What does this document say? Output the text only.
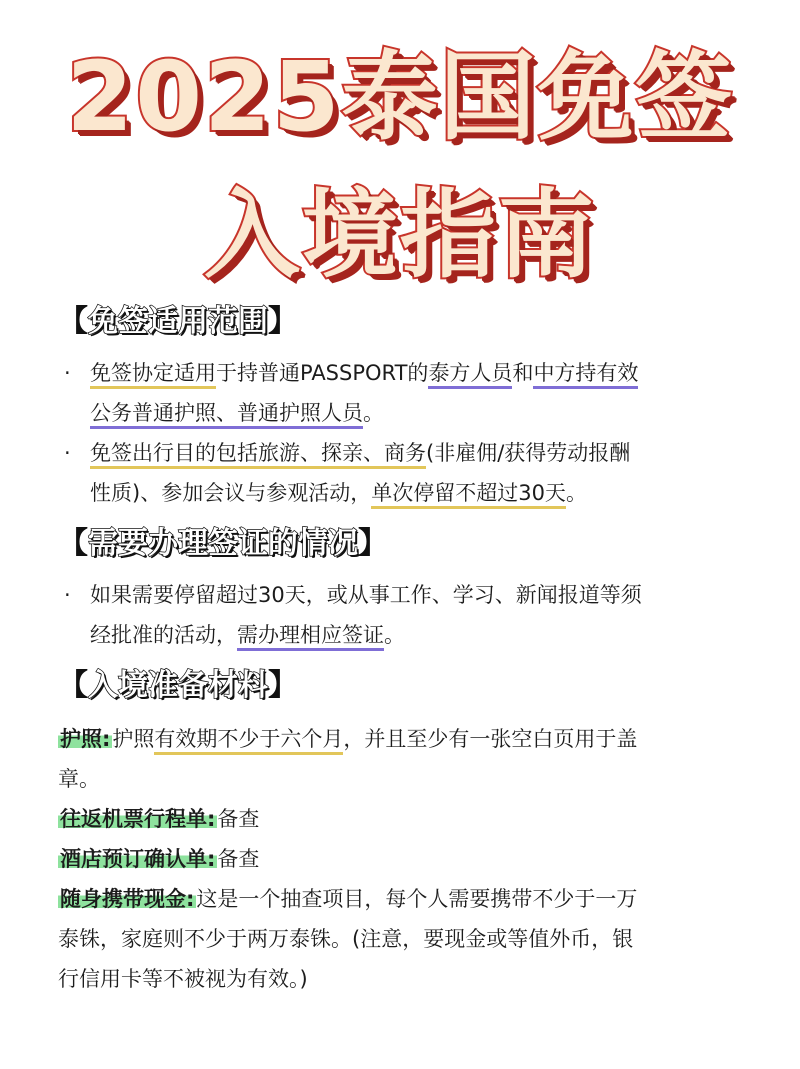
2025泰国免签
入境指南
【免签适用范围】
· 免签协定适用于持普通PASSPORT的泰方人员和中方持有效
公务普通护照、普通护照人员。
· 免签出行目的包括旅游、探亲、商务(非雇佣/获得劳动报酬
性质)、参加会议与参观活动，单次停留不超过30天。
【需要办理签证的情况】
· 如果需要停留超过30天，或从事工作、学习、新闻报道等须
经批准的活动，需办理相应签证。
【入境准备材料】
护照:护照有效期不少于六个月，并且至少有一张空白页用于盖
章。
往返机票行程单:备查
酒店预订确认单:备查
随身携带现金:这是一个抽查项目，每个人需要携带不少于一万
泰铢，家庭则不少于两万泰铢。(注意，要现金或等值外币，银
行信用卡等不被视为有效。)
